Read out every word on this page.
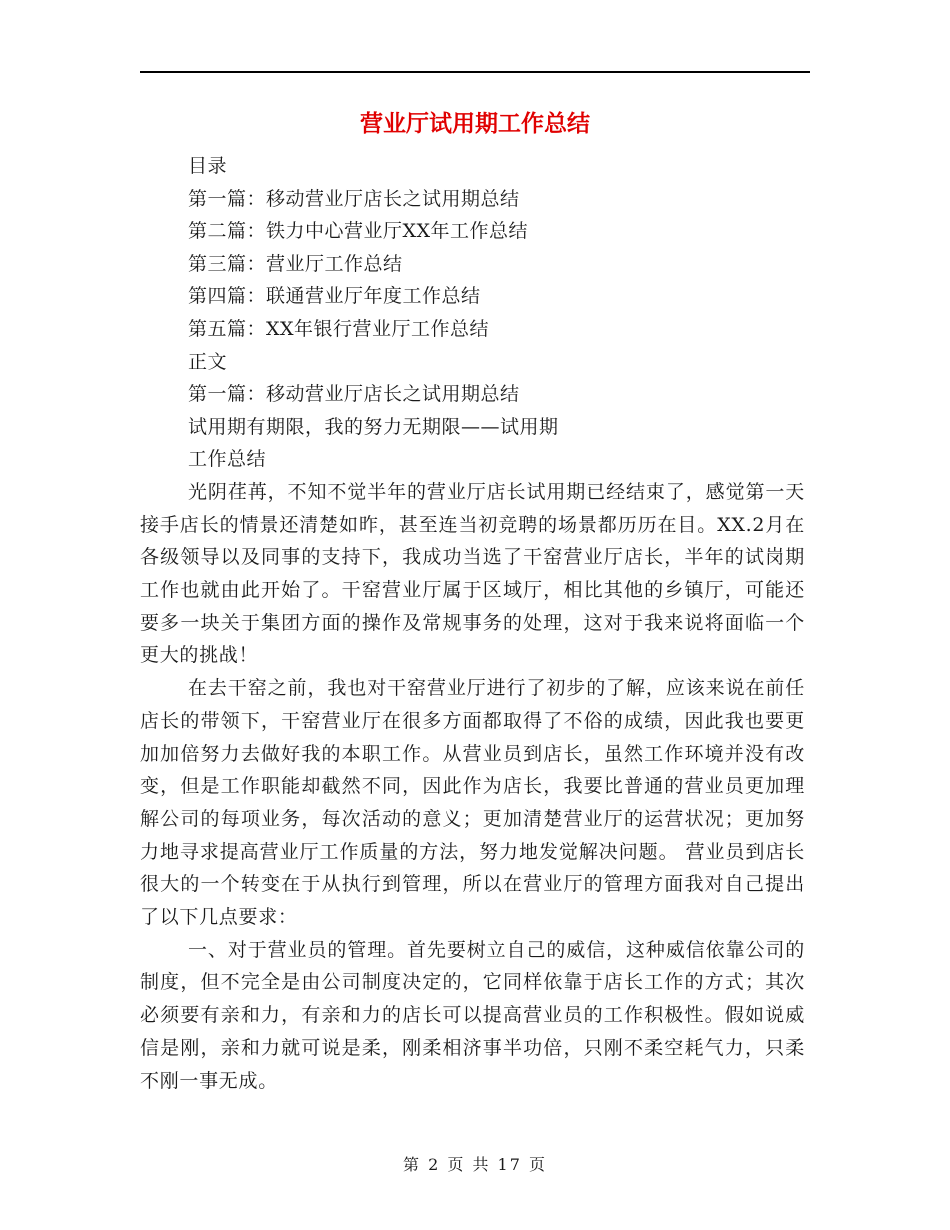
营业厅试用期工作总结

目录

第一篇：移动营业厅店长之试用期总结

第二篇：铁力中心营业厅XX年工作总结

第三篇：营业厅工作总结

第四篇：联通营业厅年度工作总结

第五篇：XX年银行营业厅工作总结

正文

第一篇：移动营业厅店长之试用期总结

试用期有期限，我的努力无期限——试用期

工作总结

光阴荏苒，不知不觉半年的营业厅店长试用期已经结束了，感觉第一天接手店长的情景还清楚如昨，甚至连当初竞聘的场景都历历在目。XX.2月在各级领导以及同事的支持下，我成功当选了干窑营业厅店长，半年的试岗期工作也就由此开始了。干窑营业厅属于区域厅，相比其他的乡镇厅，可能还要多一块关于集团方面的操作及常规事务的处理，这对于我来说将面临一个更大的挑战！

在去干窑之前，我也对干窑营业厅进行了初步的了解，应该来说在前任店长的带领下，干窑营业厅在很多方面都取得了不俗的成绩，因此我也要更加加倍努力去做好我的本职工作。从营业员到店长，虽然工作环境并没有改变，但是工作职能却截然不同，因此作为店长，我要比普通的营业员更加理解公司的每项业务，每次活动的意义；更加清楚营业厅的运营状况；更加努力地寻求提高营业厅工作质量的方法，努力地发觉解决问题。 营业员到店长很大的一个转变在于从执行到管理，所以在营业厅的管理方面我对自己提出了以下几点要求：

一、对于营业员的管理。首先要树立自己的威信，这种威信依靠公司的制度，但不完全是由公司制度决定的，它同样依靠于店长工作的方式；其次必须要有亲和力，有亲和力的店长可以提高营业员的工作积极性。假如说威信是刚，亲和力就可说是柔，刚柔相济事半功倍，只刚不柔空耗气力，只柔不刚一事无成。

第 2 页 共 17 页
